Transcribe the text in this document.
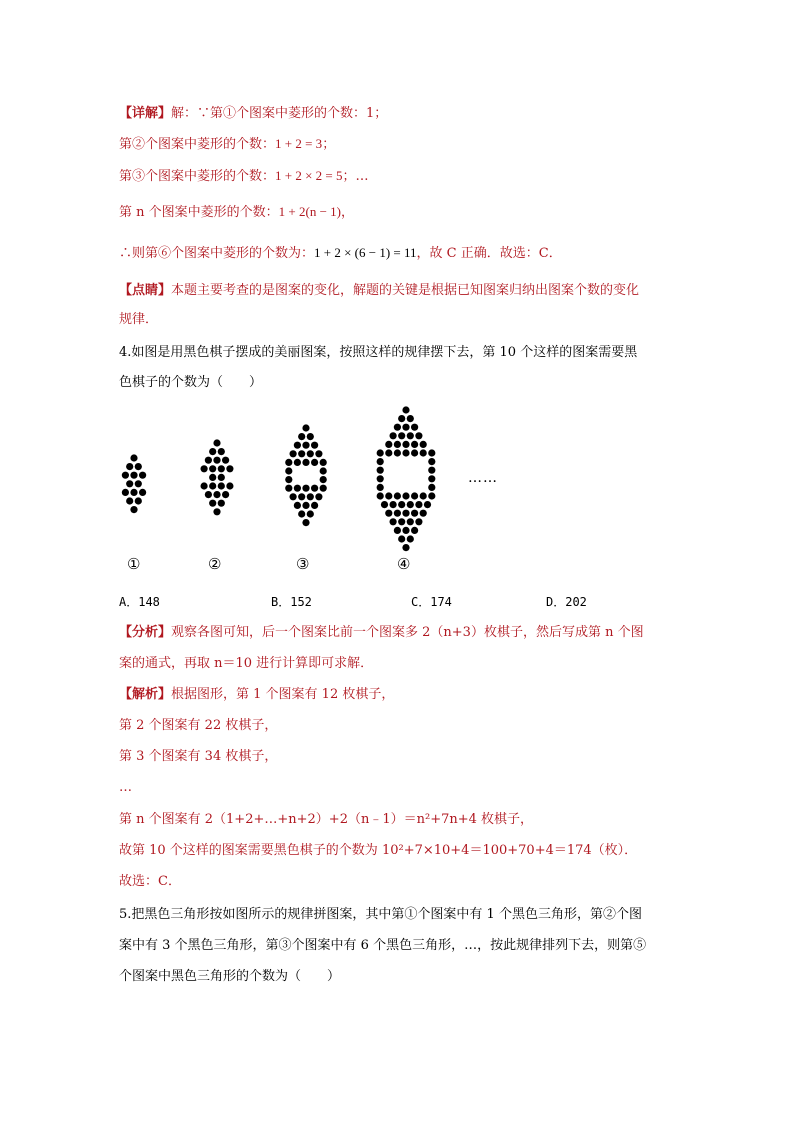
【详解】解：∵第①个图案中菱形的个数：1；
第②个图案中菱形的个数：1 + 2 = 3；
第③个图案中菱形的个数：1 + 2 × 2 = 5；…
第 n 个图案中菱形的个数：1 + 2(n − 1)，
∴则第⑥个图案中菱形的个数为：1 + 2 × (6 − 1) = 11，故 C 正确．故选：C．
【点睛】本题主要考查的是图案的变化，解题的关键是根据已知图案归纳出图案个数的变化
规律．
4.如图是用黑色棋子摆成的美丽图案，按照这样的规律摆下去，第 10 个这样的图案需要黑
色棋子的个数为（　　）
……
①	②	③	④
A．148	B．152	C．174	D．202
【分析】观察各图可知，后一个图案比前一个图案多 2（n+3）枚棋子，然后写成第 n 个图
案的通式，再取 n＝10 进行计算即可求解．
【解析】根据图形，第 1 个图案有 12 枚棋子，
第 2 个图案有 22 枚棋子，
第 3 个图案有 34 枚棋子，
…
第 n 个图案有 2（1+2+…+n+2）+2（n﹣1）＝n²+7n+4 枚棋子，
故第 10 个这样的图案需要黑色棋子的个数为 10²+7×10+4＝100+70+4＝174（枚）．
故选：C．
5.把黑色三角形按如图所示的规律拼图案，其中第①个图案中有 1 个黑色三角形，第②个图
案中有 3 个黑色三角形，第③个图案中有 6 个黑色三角形，…，按此规律排列下去，则第⑤
个图案中黑色三角形的个数为（　　）
